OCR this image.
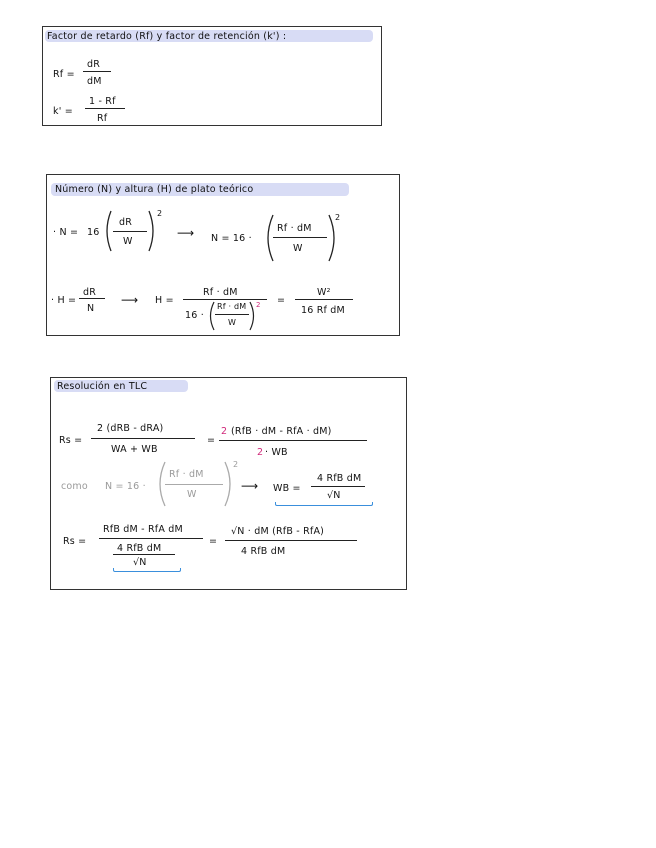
Factor de retardo (Rf) y factor de retención (k') :
Rf =
dR
dM
k' =
1 - Rf
Rf
Número (N) y altura (H) de plato teórico
· N = 16
dR
W
2
⟶ N = 16 ·
Rf · dM
W
2
· H =
dR
N
⟶ H =
Rf · dM
16 ·
Rf · dM
W
2 =
W²
16 Rf dM
Resolución en TLC
Rs =
2 (dRB - dRA)
WA + WB
=
2 (RfB · dM - RfA · dM)
2 · WB
como N = 16 ·
Rf · dM
W
2
⟶ WB =
4 RfB dM
√N
Rs =
RfB dM - RfA dM
4 RfB dM
√N
=
√N · dM (RfB - RfA)
4 RfB dM
